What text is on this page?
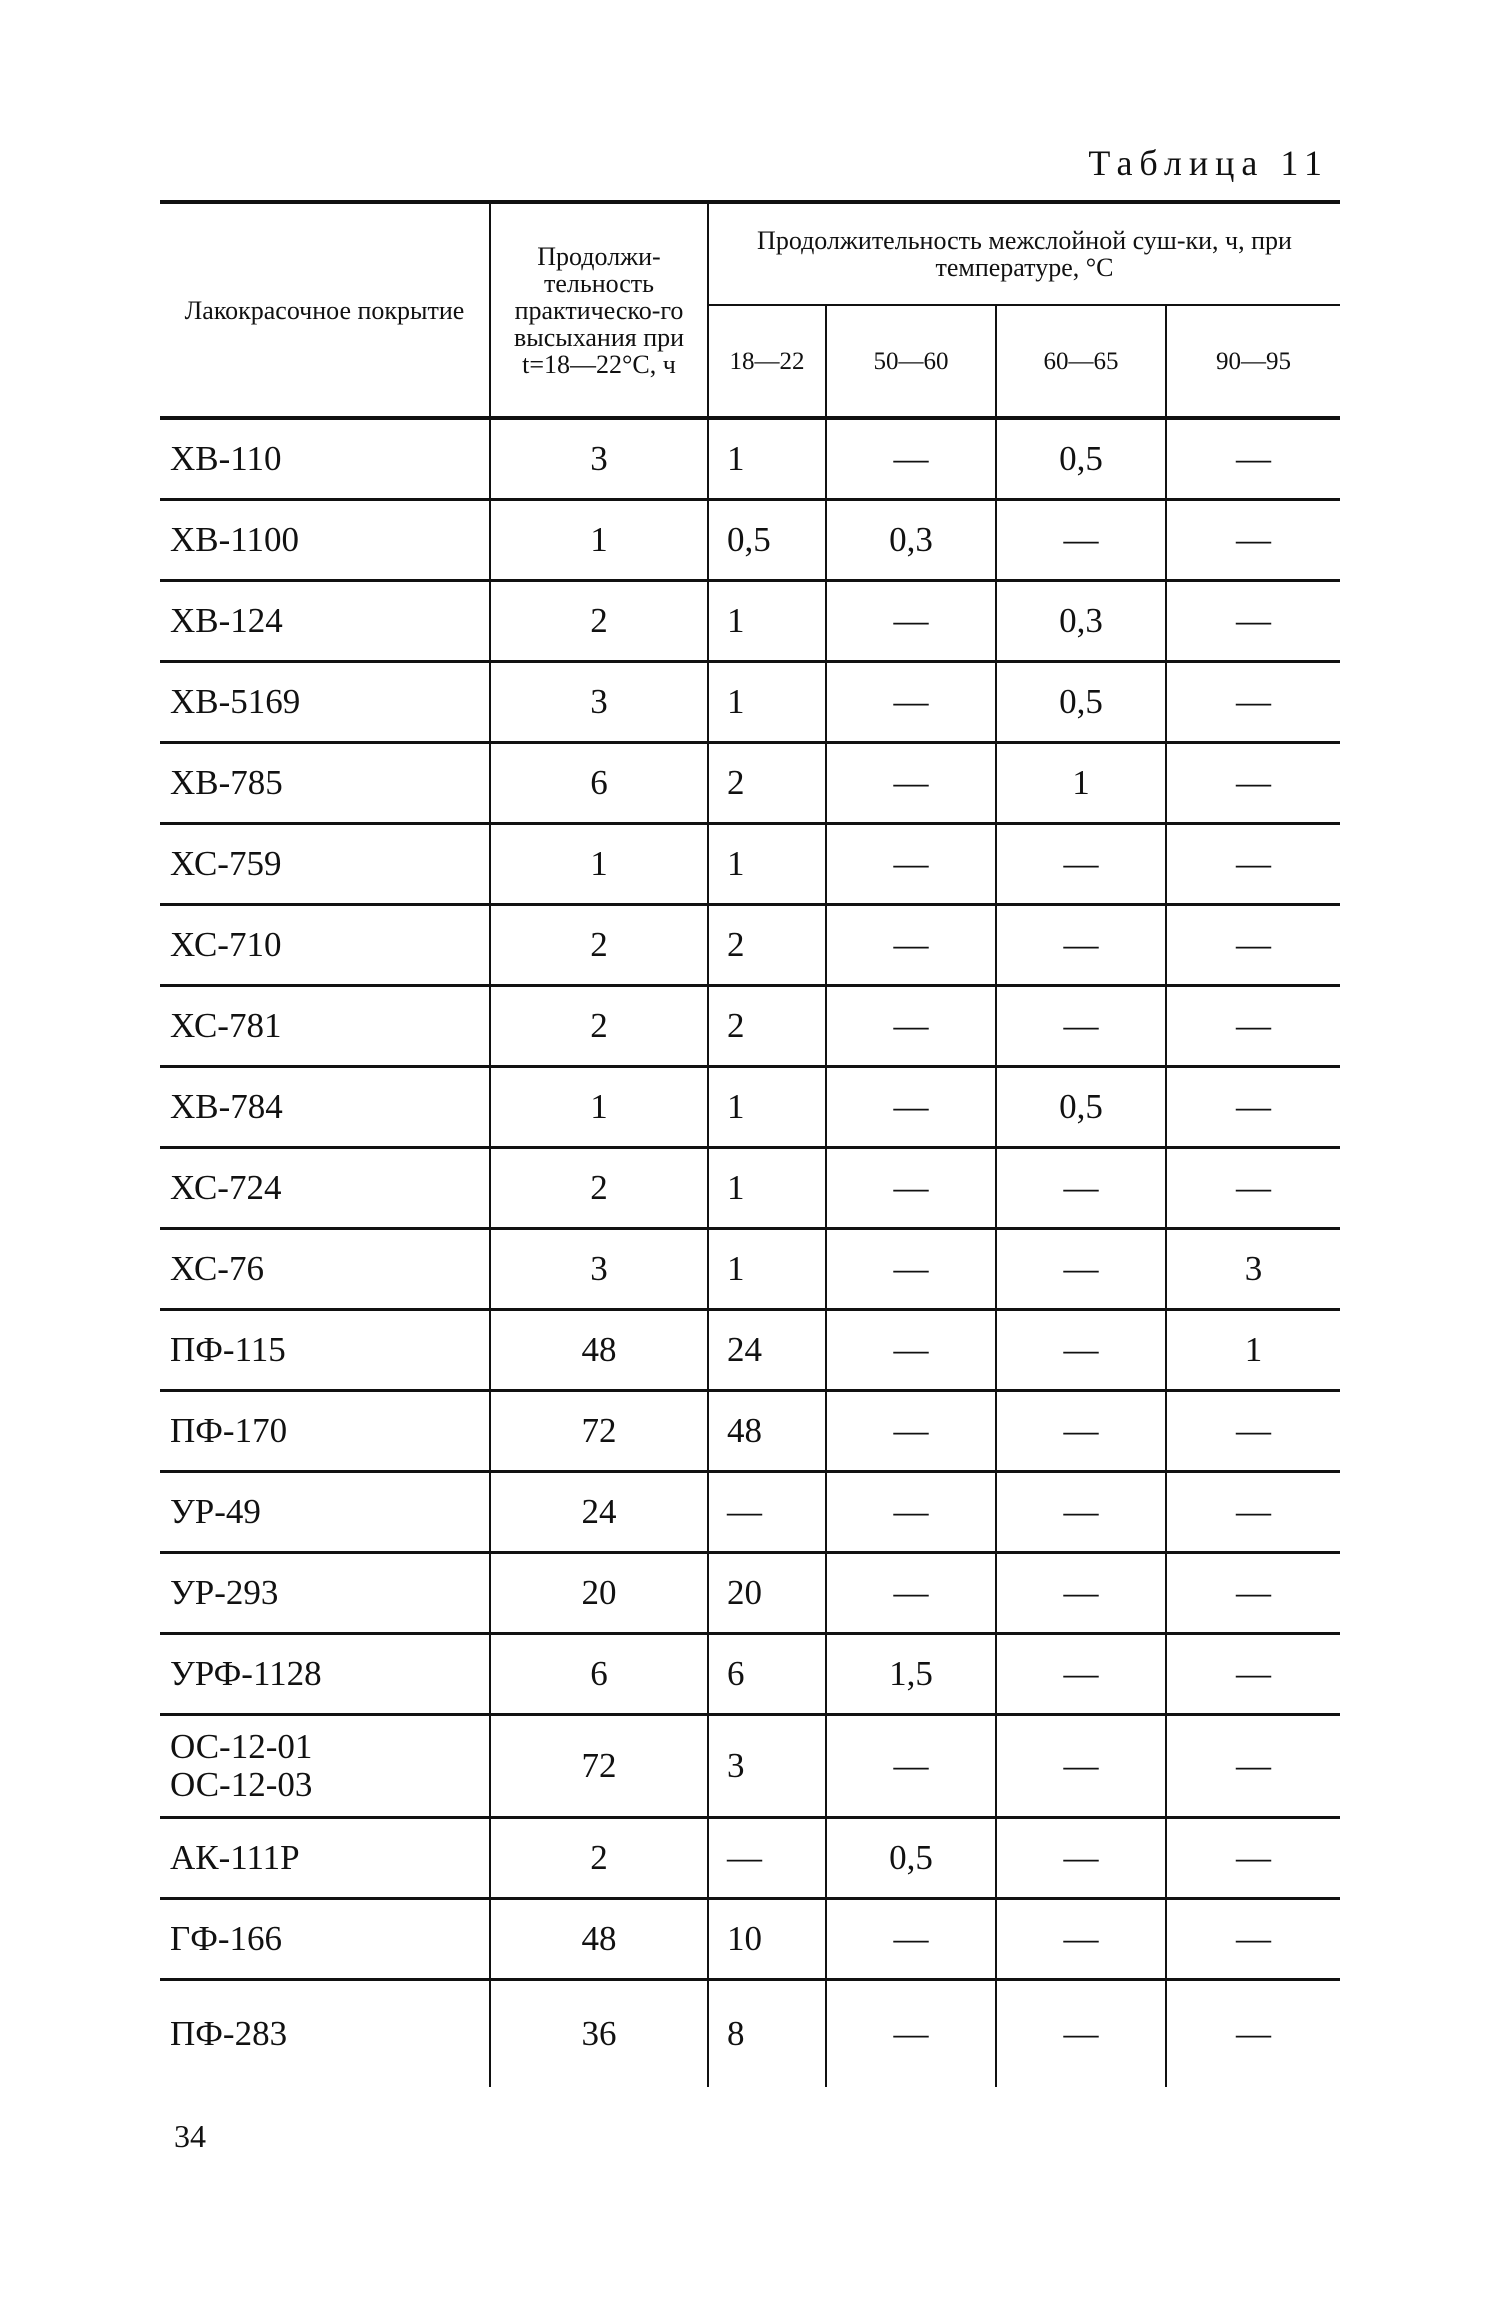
Таблица 11
Лакокрасочное покрытие	Продолжи-тельность практическо-го высыхания при t=18—22°С, ч	Продолжительность межслойной суш-ки, ч, при температуре, °С			
		18—22	50—60	60—65	90—95

ХВ-110	3	1	—	0,5	—

ХВ-1100	1	0,5	0,3	—	—

ХВ-124	2	1	—	0,3	—

ХВ-5169	3	1	—	0,5	—

ХВ-785	6	2	—	1	—

ХС-759	1	1	—	—	—

ХС-710	2	2	—	—	—

ХС-781	2	2	—	—	—

ХВ-784	1	1	—	0,5	—

ХС-724	2	1	—	—	—

ХС-76	3	1	—	—	3

ПФ-115	48	24	—	—	1

ПФ-170	72	48	—	—	—

УР-49	24	—	—	—	—

УР-293	20	20	—	—	—

УРФ-1128	6	6	1,5	—	—

ОС-12-01
ОС-12-03	72	3	—	—	—

АК-111Р	2	—	0,5	—	—

ГФ-166	48	10	—	—	—

ПФ-283	36	8	—	—	—
34
